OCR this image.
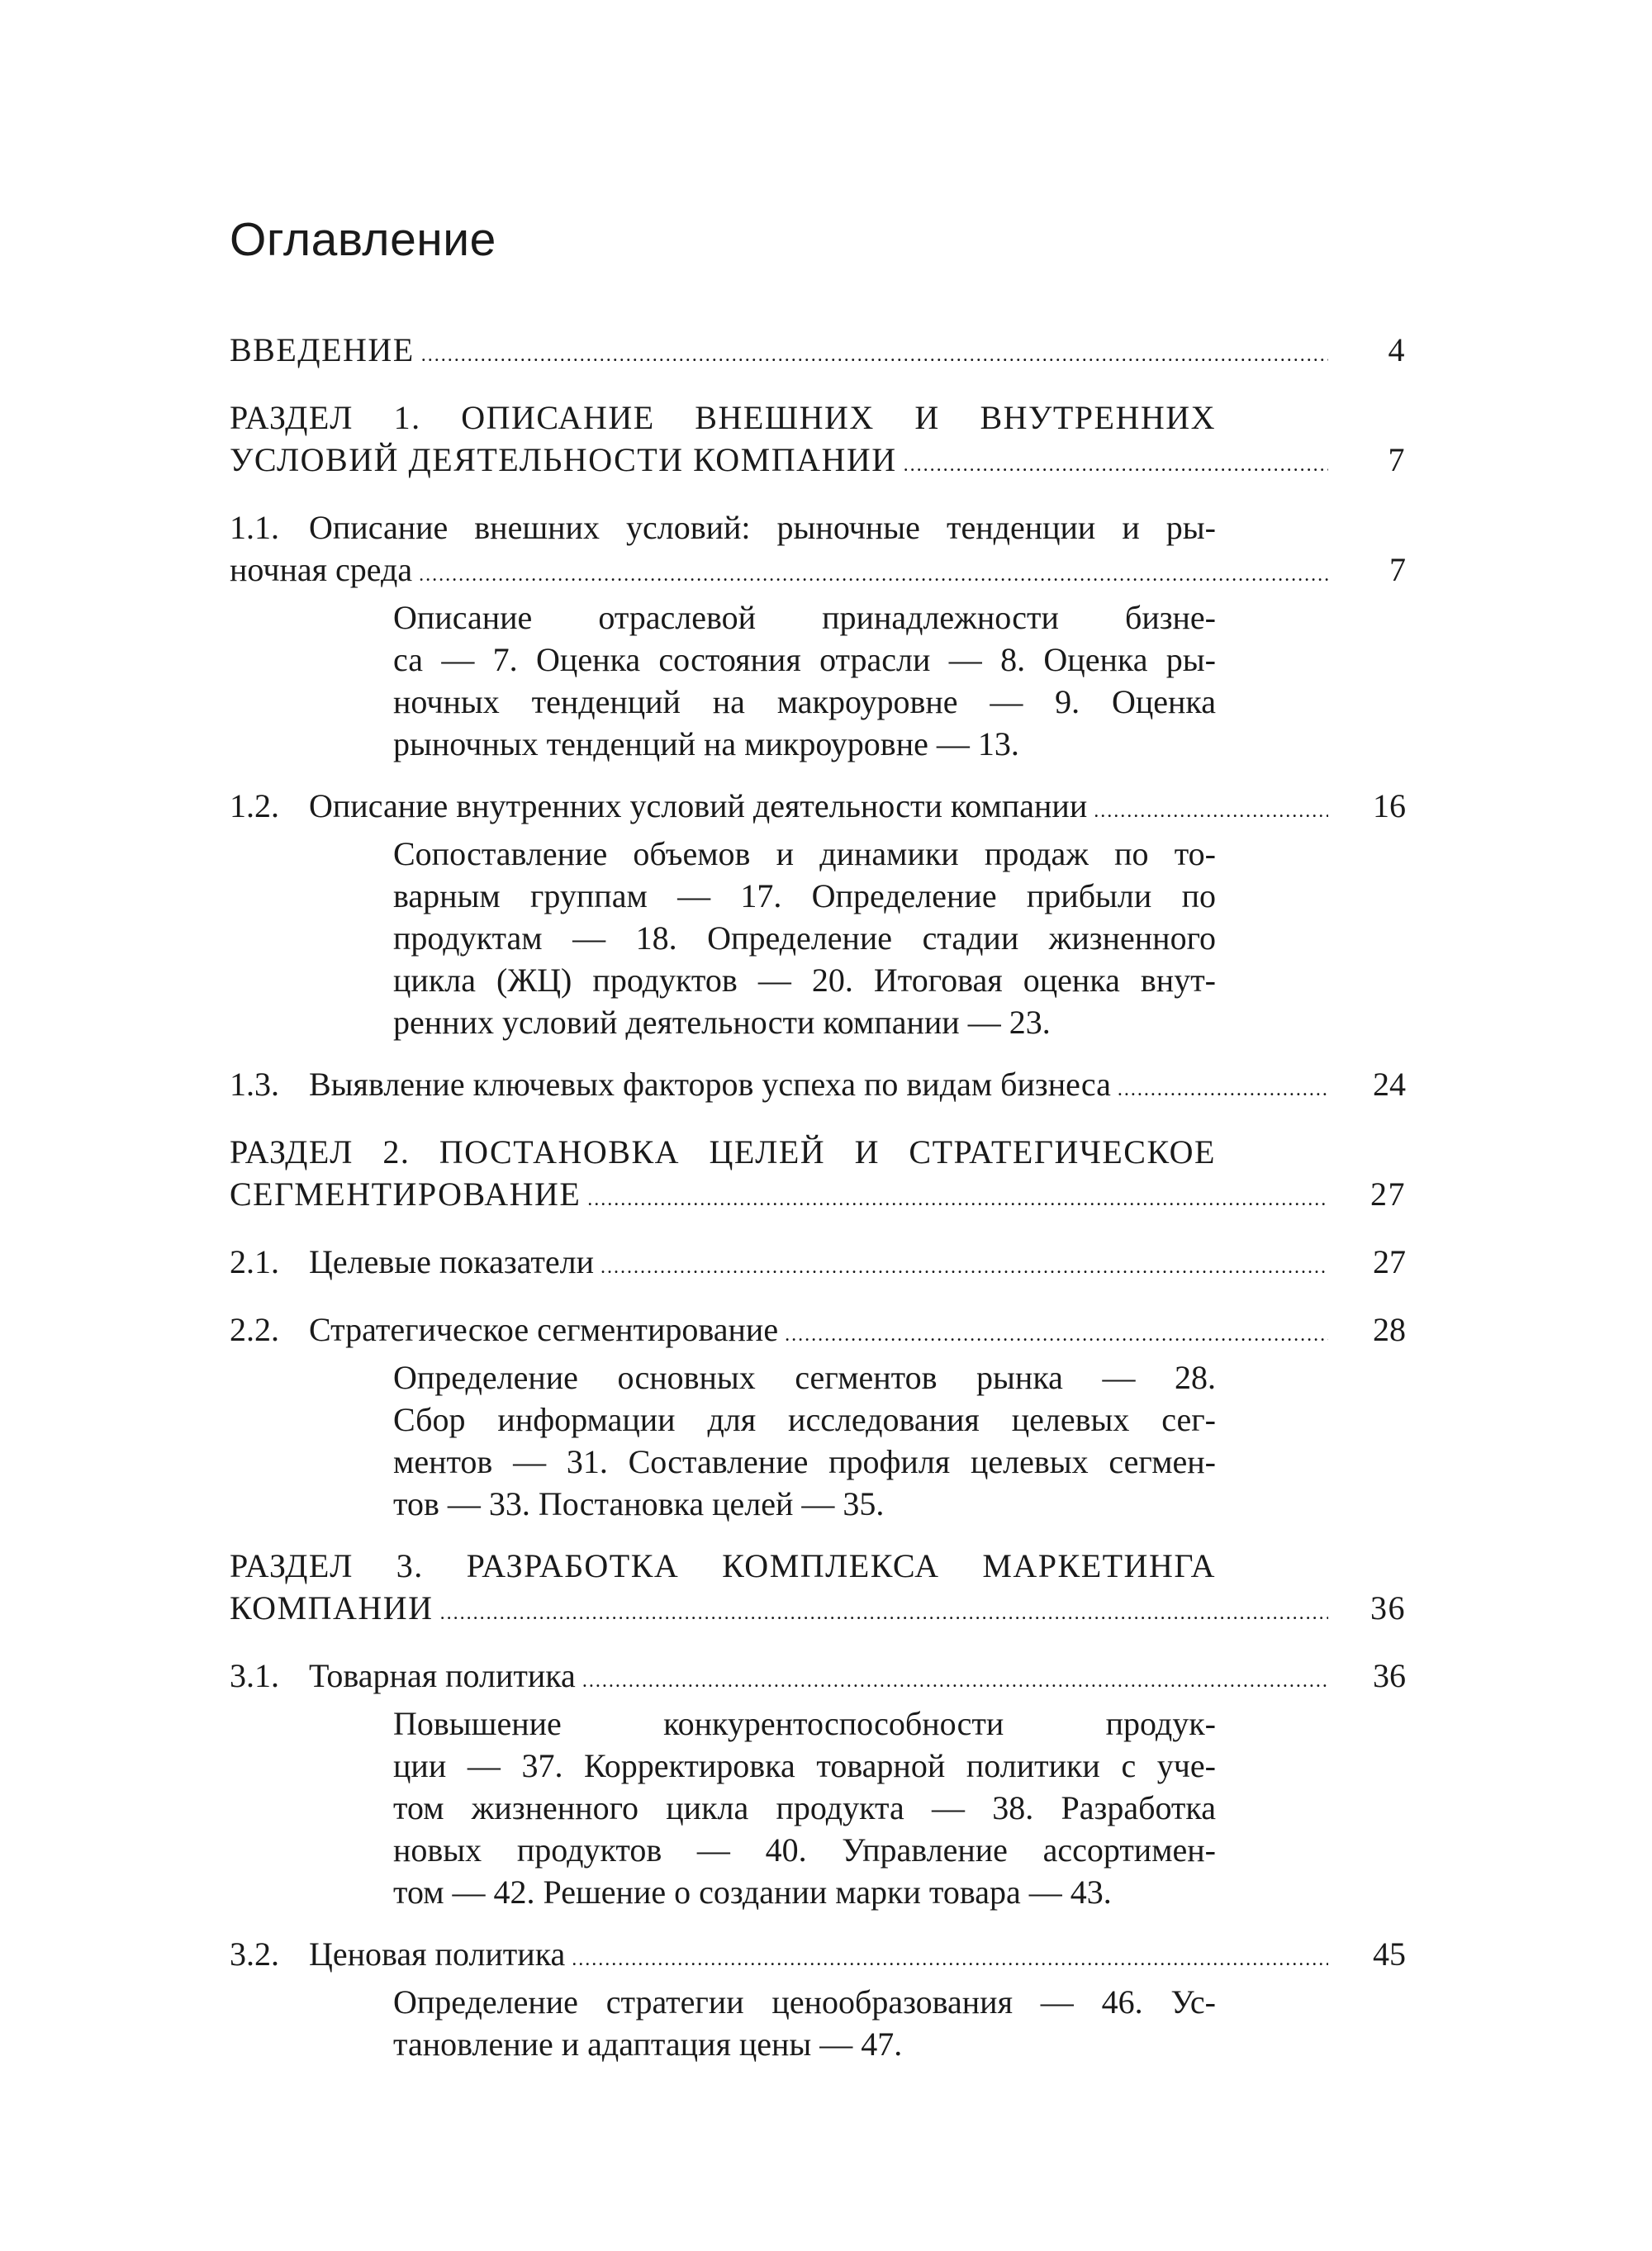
Оглавление
ВВЕДЕНИЕ .....	4
РАЗДЕЛ 1. ОПИСАНИЕ ВНЕШНИХ И ВНУТРЕННИХ
УСЛОВИЙ ДЕЯТЕЛЬНОСТИ КОМПАНИИ .....	7
1.1. Описание внешних условий: рыночные тенденции и ры-
ночная среда .....	7
Описание отраслевой принадлежности бизне-
са — 7. Оценка состояния отрасли — 8. Оценка ры-
ночных тенденций на макроуровне — 9. Оценка
рыночных тенденций на микроуровне — 13.
1.2. Описание внутренних условий деятельности компании .....	16
Сопоставление объемов и динамики продаж по то-
варным группам — 17. Определение прибыли по
продуктам — 18. Определение стадии жизненного
цикла (ЖЦ) продуктов — 20. Итоговая оценка внут-
ренних условий деятельности компании — 23.
1.3. Выявление ключевых факторов успеха по видам бизнеса .....	24
РАЗДЕЛ 2. ПОСТАНОВКА ЦЕЛЕЙ И СТРАТЕГИЧЕСКОЕ
СЕГМЕНТИРОВАНИЕ .....	27
2.1. Целевые показатели .....	27
2.2. Стратегическое сегментирование .....	28
Определение основных сегментов рынка — 28.
Сбор информации для исследования целевых сег-
ментов — 31. Составление профиля целевых сегмен-
тов — 33. Постановка целей — 35.
РАЗДЕЛ 3. РАЗРАБОТКА КОМПЛЕКСА МАРКЕТИНГА
КОМПАНИИ .....	36
3.1. Товарная политика .....	36
Повышение конкурентоспособности продук-
ции — 37. Корректировка товарной политики с уче-
том жизненного цикла продукта — 38. Разработка
новых продуктов — 40. Управление ассортимен-
том — 42. Решение о создании марки товара — 43.
3.2. Ценовая политика .....	45
Определение стратегии ценообразования — 46. Ус-
тановление и адаптация цены — 47.
